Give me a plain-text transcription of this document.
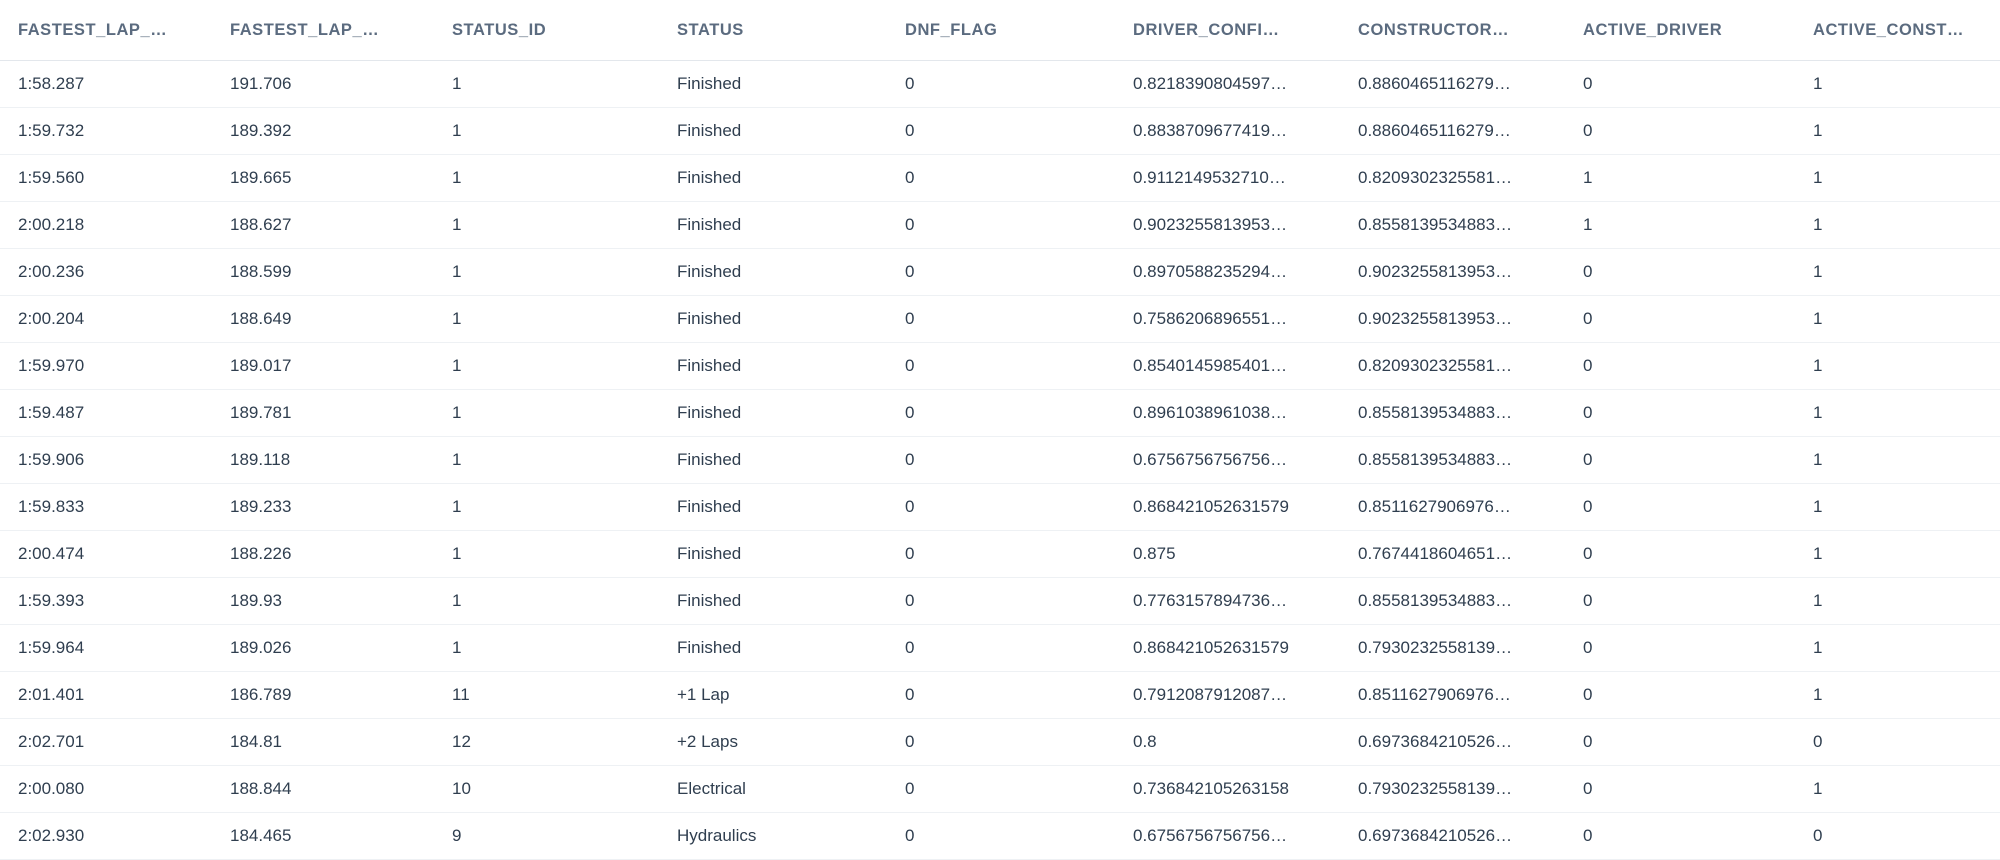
FASTEST_LAP_…	FASTEST_LAP_…	STATUS_ID	STATUS	DNF_FLAG	DRIVER_CONFI…	CONSTRUCTOR…	ACTIVE_DRIVER	ACTIVE_CONST…

1:58.287	191.706	1	Finished	0	0.8218390804597…	0.8860465116279…	0	1

1:59.732	189.392	1	Finished	0	0.8838709677419…	0.8860465116279…	0	1

1:59.560	189.665	1	Finished	0	0.9112149532710…	0.8209302325581…	1	1

2:00.218	188.627	1	Finished	0	0.9023255813953…	0.8558139534883…	1	1

2:00.236	188.599	1	Finished	0	0.8970588235294…	0.9023255813953…	0	1

2:00.204	188.649	1	Finished	0	0.7586206896551…	0.9023255813953…	0	1

1:59.970	189.017	1	Finished	0	0.8540145985401…	0.8209302325581…	0	1

1:59.487	189.781	1	Finished	0	0.8961038961038…	0.8558139534883…	0	1

1:59.906	189.118	1	Finished	0	0.6756756756756…	0.8558139534883…	0	1

1:59.833	189.233	1	Finished	0	0.868421052631579	0.8511627906976…	0	1

2:00.474	188.226	1	Finished	0	0.875	0.7674418604651…	0	1

1:59.393	189.93	1	Finished	0	0.7763157894736…	0.8558139534883…	0	1

1:59.964	189.026	1	Finished	0	0.868421052631579	0.7930232558139…	0	1

2:01.401	186.789	11	+1 Lap	0	0.7912087912087…	0.8511627906976…	0	1

2:02.701	184.81	12	+2 Laps	0	0.8	0.6973684210526…	0	0

2:00.080	188.844	10	Electrical	0	0.736842105263158	0.7930232558139…	0	1

2:02.930	184.465	9	Hydraulics	0	0.6756756756756…	0.6973684210526…	0	0
